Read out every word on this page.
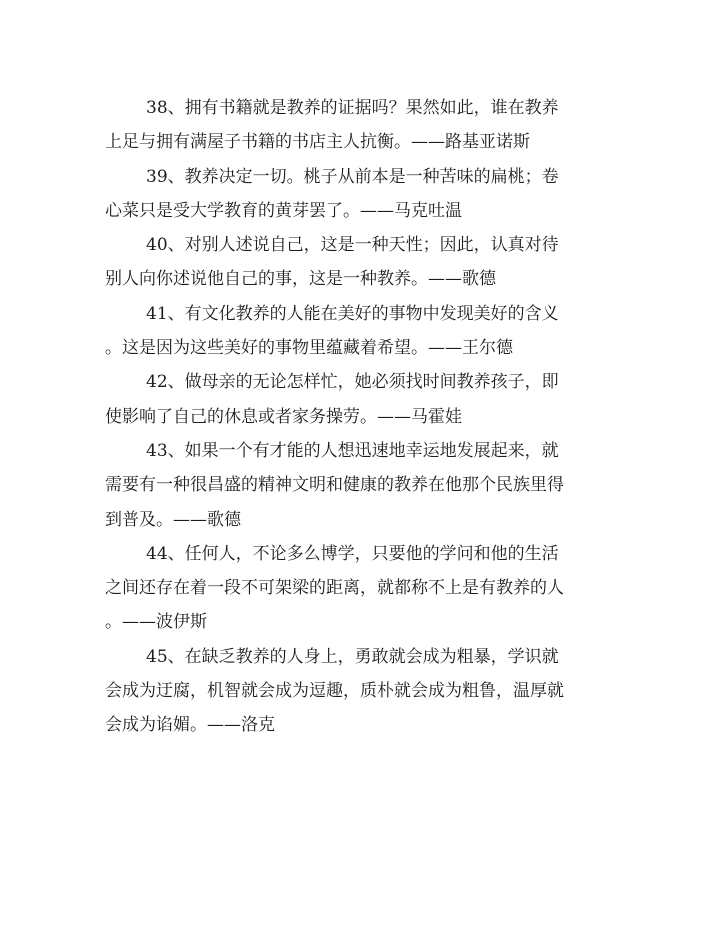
38、拥有书籍就是教养的证据吗？果然如此，谁在教养
上足与拥有满屋子书籍的书店主人抗衡。——路基亚诺斯
39、教养决定一切。桃子从前本是一种苦味的扁桃；卷
心菜只是受大学教育的黄芽罢了。——马克吐温
40、对别人述说自己，这是一种天性；因此，认真对待
别人向你述说他自己的事，这是一种教养。——歌德
41、有文化教养的人能在美好的事物中发现美好的含义
。这是因为这些美好的事物里蕴藏着希望。——王尔德
42、做母亲的无论怎样忙，她必须找时间教养孩子，即
使影响了自己的休息或者家务操劳。——马霍娃
43、如果一个有才能的人想迅速地幸运地发展起来，就
需要有一种很昌盛的精神文明和健康的教养在他那个民族里得
到普及。——歌德
44、任何人，不论多么博学，只要他的学问和他的生活
之间还存在着一段不可架梁的距离，就都称不上是有教养的人
。——波伊斯
45、在缺乏教养的人身上，勇敢就会成为粗暴，学识就
会成为迂腐，机智就会成为逗趣，质朴就会成为粗鲁，温厚就
会成为谄媚。——洛克
